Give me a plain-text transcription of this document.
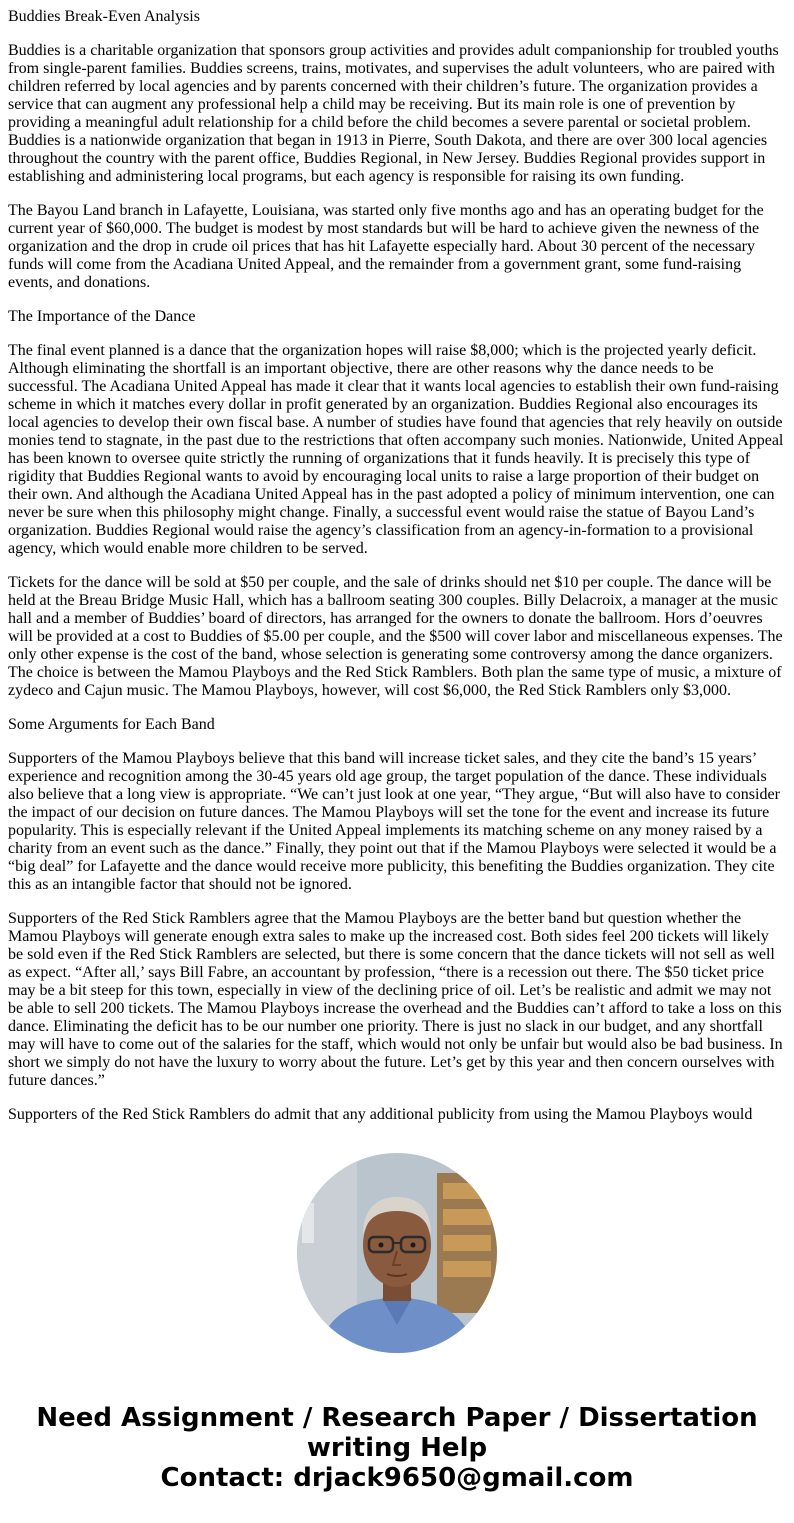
Buddies Break-Even Analysis

Buddies is a charitable organization that sponsors group activities and provides adult companionship for troubled youths from single-parent families. Buddies screens, trains, motivates, and supervises the adult volunteers, who are paired with children referred by local agencies and by parents concerned with their children’s future. The organization provides a service that can augment any professional help a child may be receiving. But its main role is one of prevention by providing a meaningful adult relationship for a child before the child becomes a severe parental or societal problem. Buddies is a nationwide organization that began in 1913 in Pierre, South Dakota, and there are over 300 local agencies throughout the country with the parent office, Buddies Regional, in New Jersey. Buddies Regional provides support in establishing and administering local programs, but each agency is responsible for raising its own funding.

The Bayou Land branch in Lafayette, Louisiana, was started only five months ago and has an operating budget for the current year of $60,000. The budget is modest by most standards but will be hard to achieve given the newness of the organization and the drop in crude oil prices that has hit Lafayette especially hard. About 30 percent of the necessary funds will come from the Acadiana United Appeal, and the remainder from a government grant, some fund-raising events, and donations.

The Importance of the Dance

The final event planned is a dance that the organization hopes will raise $8,000; which is the projected yearly deficit. Although eliminating the shortfall is an important objective, there are other reasons why the dance needs to be successful. The Acadiana United Appeal has made it clear that it wants local agencies to establish their own fund-raising scheme in which it matches every dollar in profit generated by an organization. Buddies Regional also encourages its local agencies to develop their own fiscal base. A number of studies have found that agencies that rely heavily on outside monies tend to stagnate, in the past due to the restrictions that often accompany such monies. Nationwide, United Appeal has been known to oversee quite strictly the running of organizations that it funds heavily. It is precisely this type of rigidity that Buddies Regional wants to avoid by encouraging local units to raise a large proportion of their budget on their own. And although the Acadiana United Appeal has in the past adopted a policy of minimum intervention, one can never be sure when this philosophy might change. Finally, a successful event would raise the statue of Bayou Land’s organization. Buddies Regional would raise the agency’s classification from an agency-in-formation to a provisional agency, which would enable more children to be served.

Tickets for the dance will be sold at $50 per couple, and the sale of drinks should net $10 per couple. The dance will be held at the Breau Bridge Music Hall, which has a ballroom seating 300 couples. Billy Delacroix, a manager at the music hall and a member of Buddies’ board of directors, has arranged for the owners to donate the ballroom. Hors d’oeuvres will be provided at a cost to Buddies of $5.00 per couple, and the $500 will cover labor and miscellaneous expenses. The only other expense is the cost of the band, whose selection is generating some controversy among the dance organizers. The choice is between the Mamou Playboys and the Red Stick Ramblers. Both plan the same type of music, a mixture of zydeco and Cajun music. The Mamou Playboys, however, will cost $6,000, the Red Stick Ramblers only $3,000.

Some Arguments for Each Band

Supporters of the Mamou Playboys believe that this band will increase ticket sales, and they cite the band’s 15 years’ experience and recognition among the 30-45 years old age group, the target population of the dance. These individuals also believe that a long view is appropriate. “We can’t just look at one year, “They argue, “But will also have to consider the impact of our decision on future dances. The Mamou Playboys will set the tone for the event and increase its future popularity. This is especially relevant if the United Appeal implements its matching scheme on any money raised by a charity from an event such as the dance.” Finally, they point out that if the Mamou Playboys were selected it would be a “big deal” for Lafayette and the dance would receive more publicity, this benefiting the Buddies organization. They cite this as an intangible factor that should not be ignored.

Supporters of the Red Stick Ramblers agree that the Mamou Playboys are the better band but question whether the Mamou Playboys will generate enough extra sales to make up the increased cost. Both sides feel 200 tickets will likely be sold even if the Red Stick Ramblers are selected, but there is some concern that the dance tickets will not sell as well as expect. “After all,’ says Bill Fabre, an accountant by profession, “there is a recession out there. The $50 ticket price may be a bit steep for this town, especially in view of the declining price of oil. Let’s be realistic and admit we may not be able to sell 200 tickets. The Mamou Playboys increase the overhead and the Buddies can’t afford to take a loss on this dance. Eliminating the deficit has to be our number one priority. There is just no slack in our budget, and any shortfall may will have to come out of the salaries for the staff, which would not only be unfair but would also be bad business. In short we simply do not have the luxury to worry about the future. Let’s get by this year and then concern ourselves with future dances.”

Supporters of the Red Stick Ramblers do admit that any additional publicity from using the Mamou Playboys would

Need Assignment / Research Paper / Dissertation
writing Help
Contact: drjack9650@gmail.com
